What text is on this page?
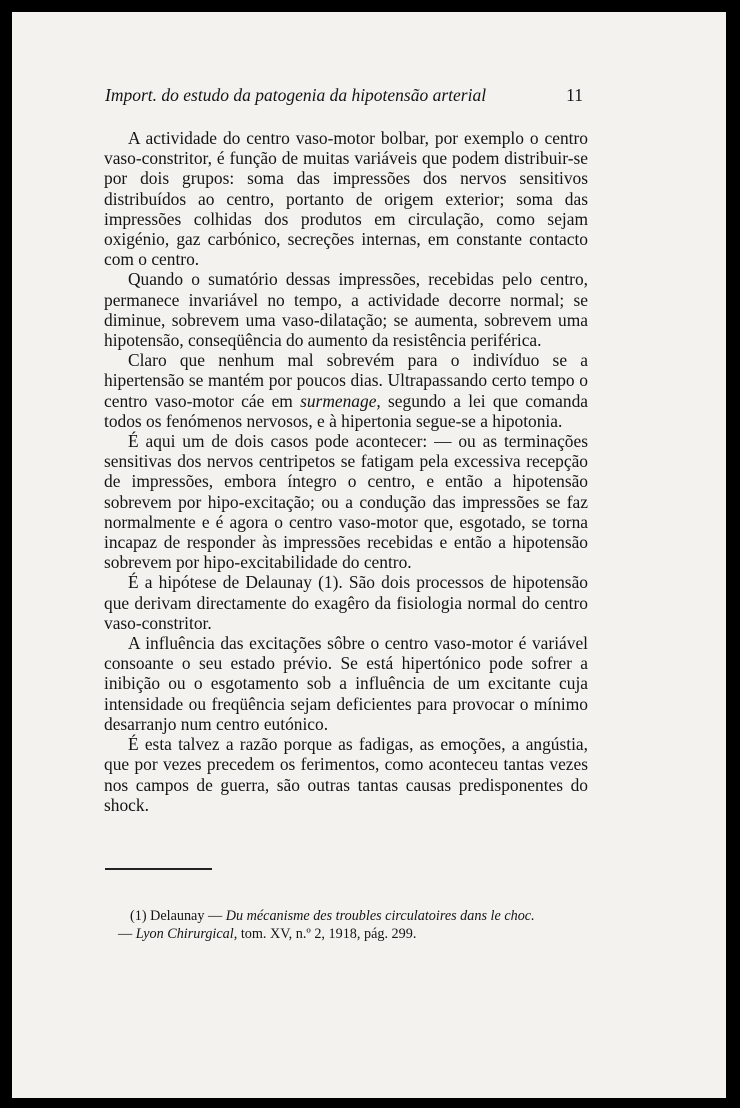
Import. do estudo da patogenia da hipotensão arterial	11

A actividade do centro vaso-motor bolbar, por exemplo o centro vaso-constritor, é função de muitas variáveis que podem distribuir-se por dois grupos: soma das impressões dos nervos sensitivos distribuídos ao centro, portanto de origem exterior; soma das impressões colhidas dos produtos em circulação, como sejam oxigénio, gaz carbónico, secreções internas, em constante contacto com o centro.

Quando o sumatório dessas impressões, recebidas pelo centro, permanece invariável no tempo, a actividade decorre normal; se diminue, sobrevem uma vaso-dilatação; se aumenta, sobrevem uma hipotensão, conseqüência do aumento da resistência periférica.

Claro que nenhum mal sobrevém para o indivíduo se a hipertensão se mantém por poucos dias. Ultrapassando certo tempo o centro vaso-motor cáe em surmenage, segundo a lei que comanda todos os fenómenos nervosos, e à hipertonia segue-se a hipotonia.

É aqui um de dois casos pode acontecer: — ou as terminações sensitivas dos nervos centripetos se fatigam pela excessiva recepção de impressões, embora íntegro o centro, e então a hipotensão sobrevem por hipo-excitação; ou a condução das impressões se faz normalmente e é agora o centro vaso-motor que, esgotado, se torna incapaz de responder às impressões recebidas e então a hipotensão sobrevem por hipo-excitabilidade do centro.

É a hipótese de Delaunay (1). São dois processos de hipotensão que derivam directamente do exagêro da fisiologia normal do centro vaso-constritor.

A influência das excitações sôbre o centro vaso-motor é variável consoante o seu estado prévio. Se está hipertónico pode sofrer a inibição ou o esgotamento sob a influência de um excitante cuja intensidade ou freqüência sejam deficientes para provocar o mínimo desarranjo num centro eutónico.

É esta talvez a razão porque as fadigas, as emoções, a angústia, que por vezes precedem os ferimentos, como aconteceu tantas vezes nos campos de guerra, são outras tantas causas predisponentes do shock.

(1) Delaunay — Du mécanisme des troubles circulatoires dans le choc.
— Lyon Chirurgical, tom. XV, n.º 2, 1918, pág. 299.
